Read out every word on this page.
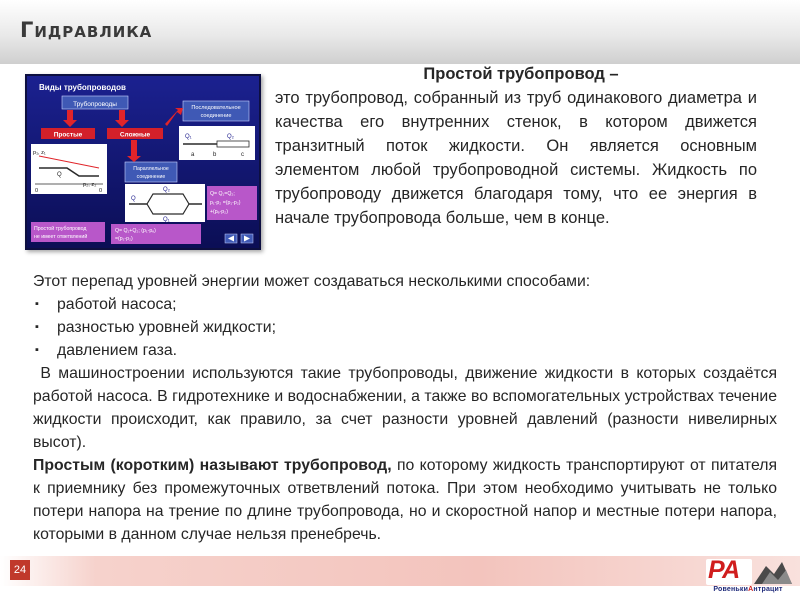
Гидравлика
Виды трубопроводов
Трубопроводы
Простые	Сложные
Последовательное
соединение
Q₁	Q₂
a	b	c
p₁, z₁
p₂, z₂
Q
0	0
Параллельное
соединение
Q
Q₂
Q₁
Q= Q₁=Q₂;
p₁-p₂ =(p₁-p₂)
+(pₑ-p₂)
Простой трубопровод
не имеет ответвлений
Q= Q₁+Q₂; (p₁-pₑ)
=(p₁-p₂)
Простой трубопровод –
это трубопровод, собранный из труб одинакового диаметра и качества его внутренних стенок, в котором движется транзитный поток жидкости. Он является основным элементом любой трубопроводной системы. Жидкость по трубопроводу движется благодаря тому, что ее энергия в начале трубопровода больше, чем в конце.

Этот перепад уровней энергии может создаваться несколькими способами:

▪ работой насоса;
▪ разностью уровней жидкости;
▪ давлением газа.

В машиностроении используются такие трубопроводы, движение жидкости в которых создаётся работой насоса. В гидротехнике и водоснабжении, а также во вспомогательных устройствах течение жидкости происходит, как правило, за счет разности уровней давлений (разности нивелирных высот).

Простым (коротким) называют трубопровод, по которому жидкость транспортируют от питателя к приемнику без промежуточных ответвлений потока. При этом необходимо учитывать не только потери напора на трение по длине трубопровода, но и скоростной напор и местные потери напора, которыми в данном случае нельзя пренебречь.

24	РА
РовенькиАнтрацит
